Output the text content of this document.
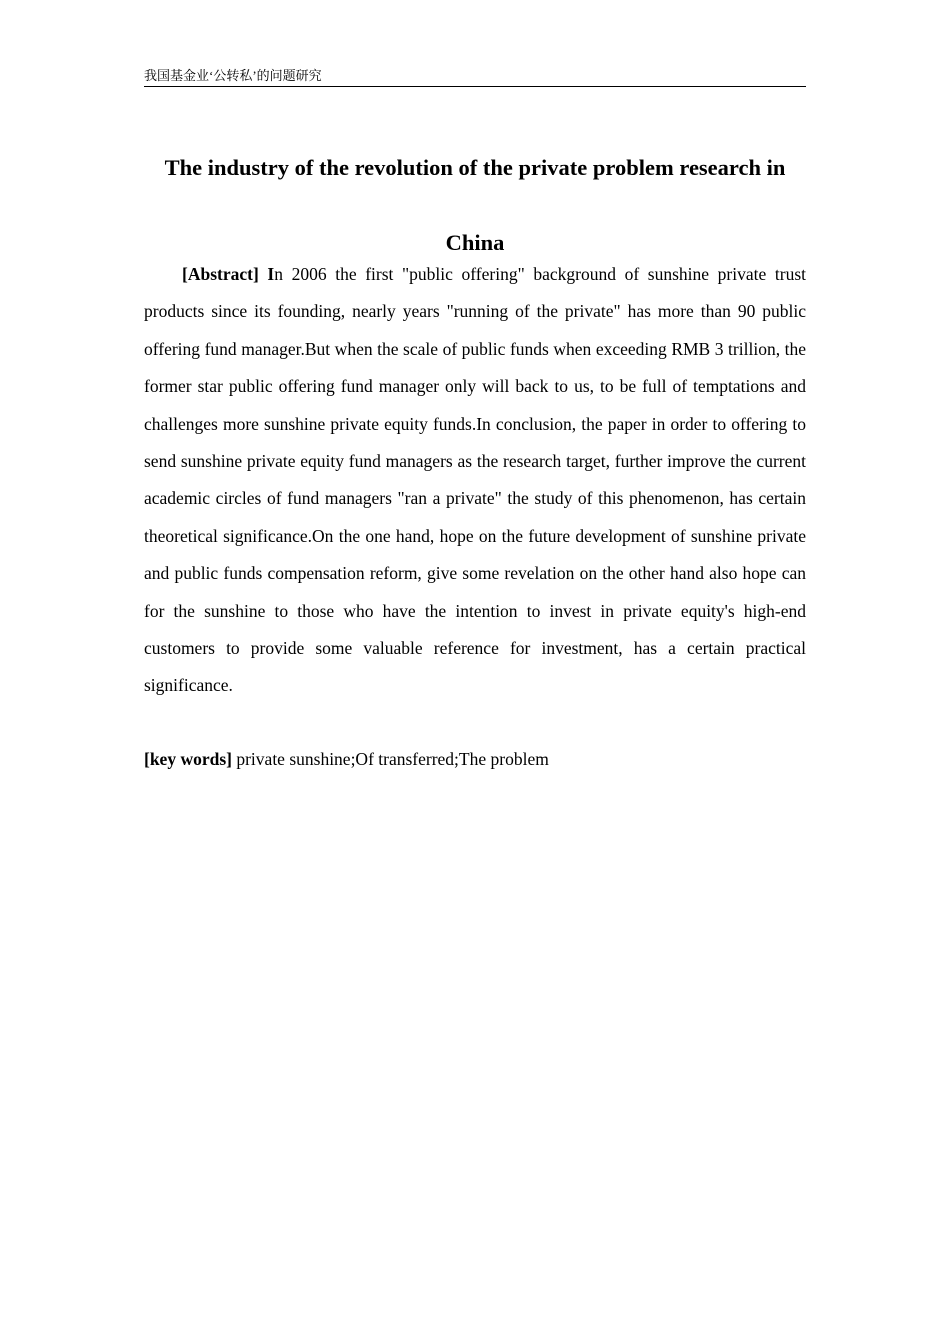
我国基金业‘公转私’的问题研究
The industry of the revolution of the private problem research in
China

[Abstract] In 2006 the first "public offering" background of sunshine private trust products since its founding, nearly years "running of the private" has more than 90 public offering fund manager.But when the scale of public funds when exceeding RMB 3 trillion, the former star public offering fund manager only will back to us, to be full of temptations and challenges more sunshine private equity funds.In conclusion, the paper in order to offering to send sunshine private equity fund managers as the research target, further improve the current academic circles of fund managers "ran a private" the study of this phenomenon, has certain theoretical significance.On the one hand, hope on the future development of sunshine private and public funds compensation reform, give some revelation on the other hand also hope can for the sunshine to those who have the intention to invest in private equity's high-end customers to provide some valuable reference for investment, has a certain practical significance.

[key words] private sunshine;Of transferred;The problem
